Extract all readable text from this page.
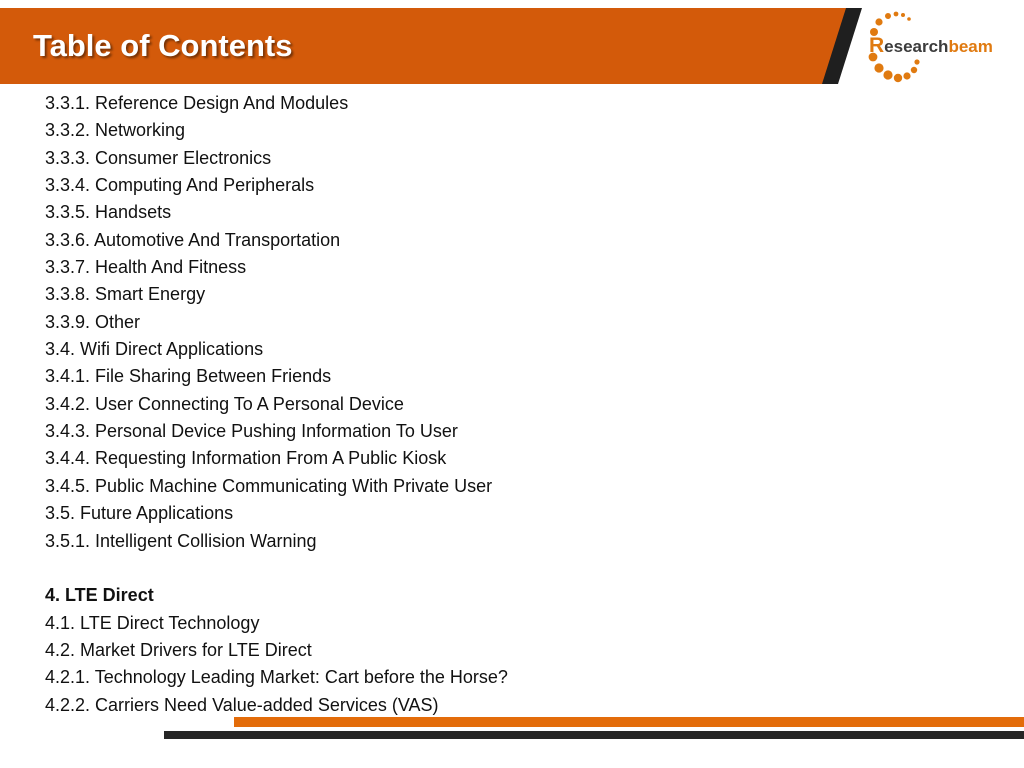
Table of Contents	Researchbeam
3.3.1. Reference Design And Modules
3.3.2. Networking
3.3.3. Consumer Electronics
3.3.4. Computing And Peripherals
3.3.5. Handsets
3.3.6. Automotive And Transportation
3.3.7. Health And Fitness
3.3.8. Smart Energy
3.3.9. Other
3.4. Wifi Direct Applications
3.4.1. File Sharing Between Friends
3.4.2. User Connecting To A Personal Device
3.4.3. Personal Device Pushing Information To User
3.4.4. Requesting Information From A Public Kiosk
3.4.5. Public Machine Communicating With Private User
3.5. Future Applications
3.5.1. Intelligent Collision Warning
4. LTE Direct
4.1. LTE Direct Technology
4.2. Market Drivers for LTE Direct
4.2.1. Technology Leading Market: Cart before the Horse?
4.2.2. Carriers Need Value-added Services (VAS)
